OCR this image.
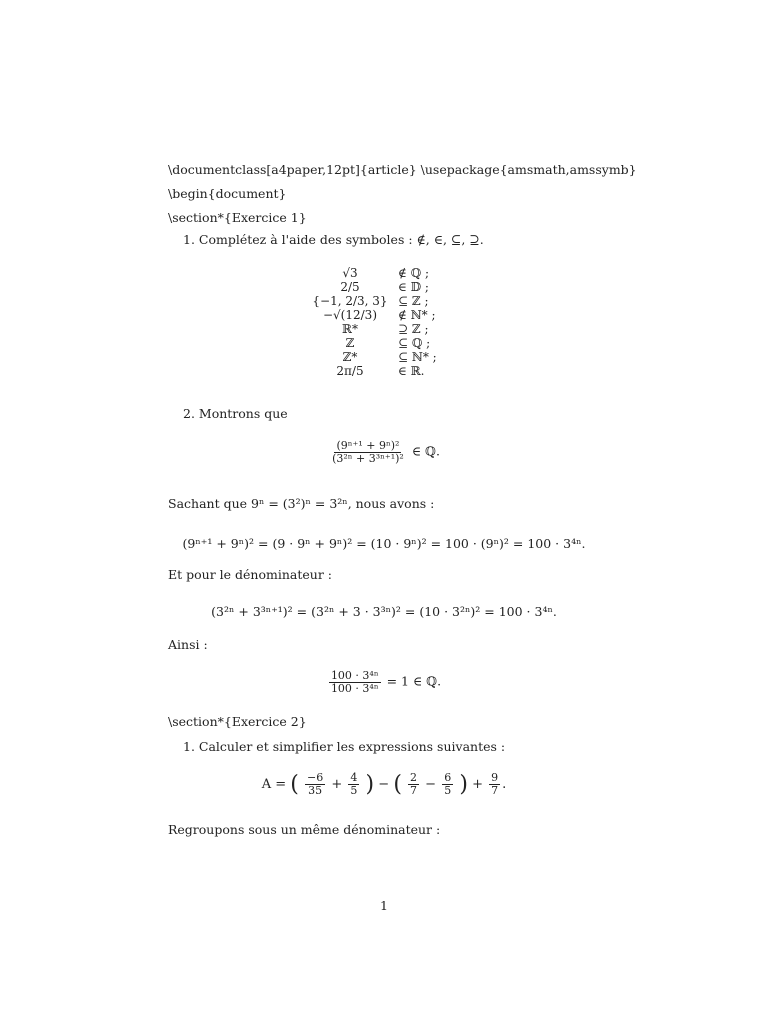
\documentclass[a4paper,12pt]{article} \usepackage{amsmath,amssymb}
\begin{document}
\section*{Exercice 1}
1. Complétez à l'aide des symboles : ∉, ∈, ⊆, ⊇.
√3
2/5
{−1, 2/3, 3}
−√(12/3)
ℝ*
ℤ
ℤ*
2π/5
∉ ℚ ;
∈ 𝔻 ;
⊆ ℤ ;
∉ ℕ* ;
⊇ ℤ ;
⊆ ℚ ;
⊆ ℕ* ;
∈ ℝ.
2. Montrons que
$\frac{\text{(9ⁿ⁺¹ + 9ⁿ)²}}{\text{(3²ⁿ + 3³ⁿ⁺¹)²}}$ ∈ ℚ.
Sachant que 9ⁿ = (3²)ⁿ = 3²ⁿ, nous avons :
(9ⁿ⁺¹ + 9ⁿ)² = (9 · 9ⁿ + 9ⁿ)² = (10 · 9ⁿ)² = 100 · (9ⁿ)² = 100 · 3⁴ⁿ.
Et pour le dénominateur :
(3²ⁿ + 3³ⁿ⁺¹)² = (3²ⁿ + 3 · 3³ⁿ)² = (10 · 3²ⁿ)² = 100 · 3⁴ⁿ.
Ainsi :
$\frac{\text{100 · 3⁴ⁿ}}{\text{100 · 3⁴ⁿ}} = 1$ ∈ ℚ.
\section*{Exercice 2}
1. Calculer et simplifier les expressions suivantes :
A = ( $\frac{-6}{35} + \frac{4}{5}$ ) − ( $\frac{2}{7} - \frac{6}{5}$ ) + $\frac{9}{7}$ .
Regroupons sous un même dénominateur :
1
